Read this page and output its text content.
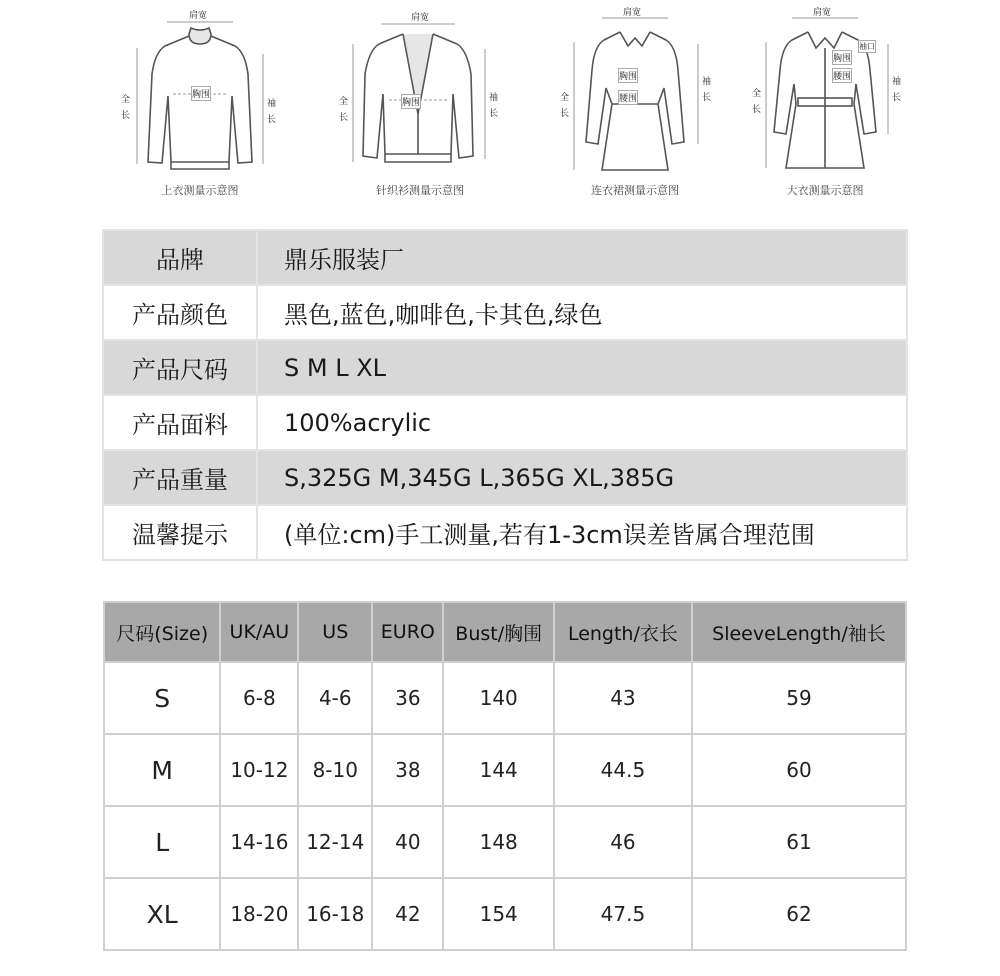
肩宽
胸围
全
长
袖
长
上衣测量示意图
肩宽
胸围
全
长
袖
长
针织衫测量示意图
肩宽
胸围
腰围
全
长
袖
长
连衣裙测量示意图
肩宽
胸围
腰围
袖口
全
长
袖
长
大衣测量示意图
品牌	鼎乐服装厂
产品颜色	黑色,蓝色,咖啡色,卡其色,绿色
产品尺码	S M L XL
产品面料	100%acrylic
产品重量	S,325G M,345G L,365G XL,385G
温馨提示	(单位:cm)手工测量,若有1-3cm误差皆属合理范围
尺码(Size)	UK/AU	US	EURO	Bust/胸围	Length/衣长	SleeveLength/袖长
S	6-8	4-6	36	140	43	59
M	10-12	8-10	38	144	44.5	60
L	14-16	12-14	40	148	46	61
XL	18-20	16-18	42	154	47.5	62
